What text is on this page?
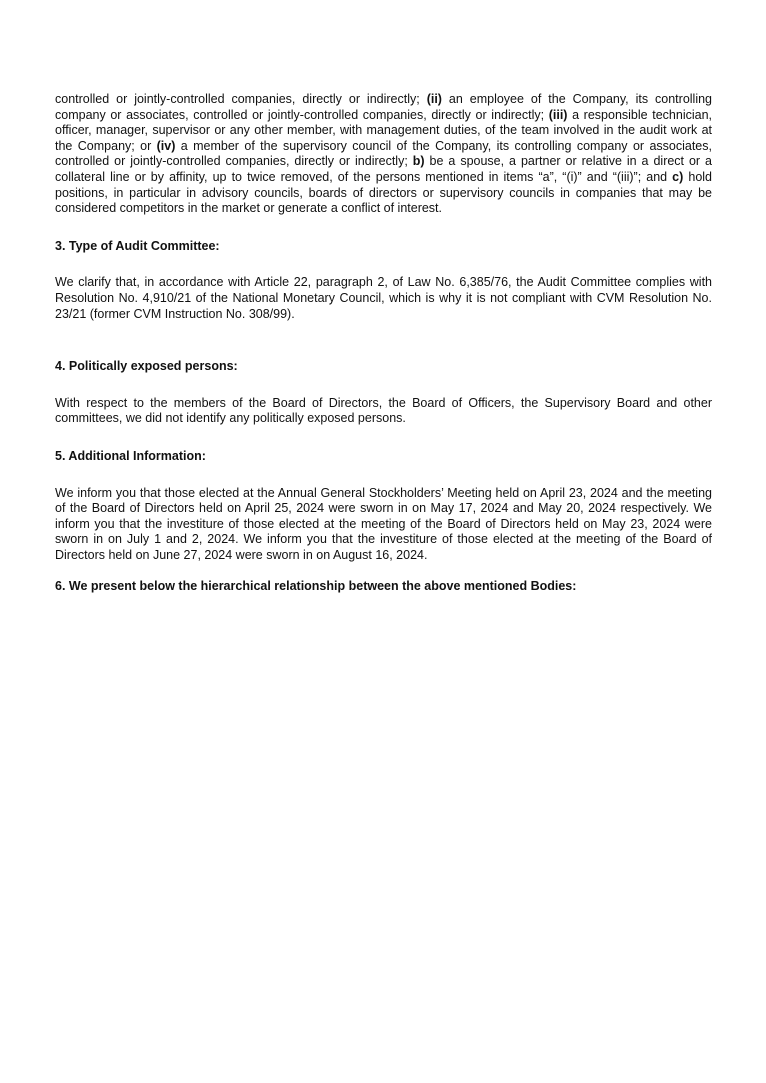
controlled or jointly-controlled companies, directly or indirectly; (ii) an employee of the Company, its controlling company or associates, controlled or jointly-controlled companies, directly or indirectly; (iii) a responsible technician, officer, manager, supervisor or any other member, with management duties, of the team involved in the audit work at the Company; or (iv) a member of the supervisory council of the Company, its controlling company or associates, controlled or jointly-controlled companies, directly or indirectly; b) be a spouse, a partner or relative in a direct or a collateral line or by affinity, up to twice removed, of the persons mentioned in items “a”, “(i)” and “(iii)”; and c) hold positions, in particular in advisory councils, boards of directors or supervisory councils in companies that may be considered competitors in the market or generate a conflict of interest.

3. Type of Audit Committee:

We clarify that, in accordance with Article 22, paragraph 2, of Law No. 6,385/76, the Audit Committee complies with Resolution No. 4,910/21 of the National Monetary Council, which is why it is not compliant with CVM Resolution No. 23/21 (former CVM Instruction No. 308/99).

4. Politically exposed persons:

With respect to the members of the Board of Directors, the Board of Officers, the Supervisory Board and other committees, we did not identify any politically exposed persons.

5. Additional Information:

We inform you that those elected at the Annual General Stockholders’ Meeting held on April 23, 2024 and the meeting of the Board of Directors held on April 25, 2024 were sworn in on May 17, 2024 and May 20, 2024 respectively. We inform you that the investiture of those elected at the meeting of the Board of Directors held on May 23, 2024 were sworn in on July 1 and 2, 2024. We inform you that the investiture of those elected at the meeting of the Board of Directors held on June 27, 2024 were sworn in on August 16, 2024.

6. We present below the hierarchical relationship between the above mentioned Bodies:
